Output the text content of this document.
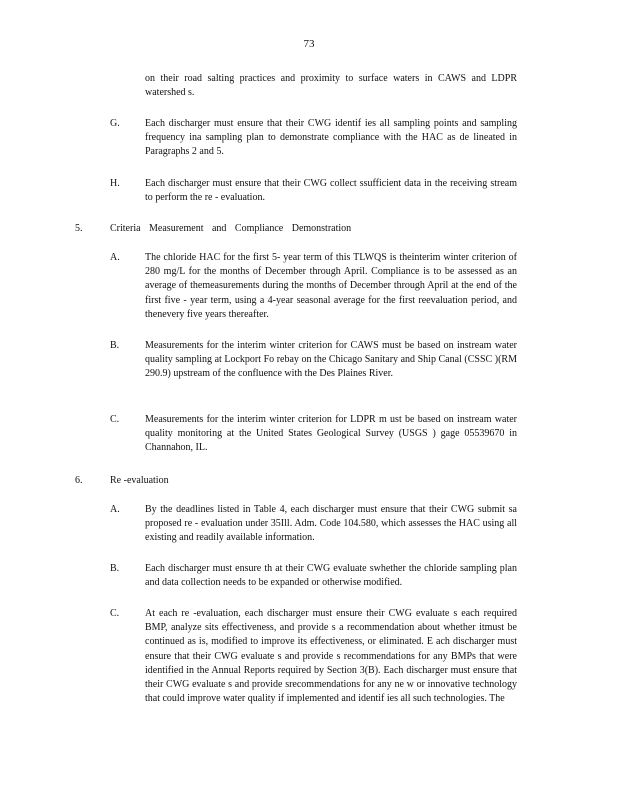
73
on their road salting practices and proximity to surface waters in CAWS and LDPR watershed s.
G.	Each discharger must ensure that their CWG identif ies all sampling points and sampling frequency ina sampling plan to demonstrate compliance with the HAC as de lineated in Paragraphs 2 and 5.
H.	Each discharger must ensure that their CWG collect ssufficient data in the receiving stream to perform the re - evaluation.
5.	Criteria Measurement and Compliance Demonstration
A.	The chloride HAC for the first 5- year term of this TLWQS is theinterim winter criterion of 280 mg/L for the months of December through April. Compliance is to be assessed as an average of themeasurements during the months of December through April at the end of the first five - year term, using a 4-year seasonal average for the first reevaluation period, and thenevery five years thereafter.
B.	Measurements for the interim winter criterion for CAWS must be based on instream water quality sampling at Lockport Fo rebay on the Chicago Sanitary and Ship Canal (CSSC )(RM 290.9) upstream of the confluence with the Des Plaines River.
C.	Measurements for the interim winter criterion for LDPR m ust be based on instream water quality monitoring at the United States Geological Survey (USGS ) gage 05539670 in Channahon, IL.
6.	Re -evaluation
A.	By the deadlines listed in Table 4, each discharger must ensure that their CWG submit sa proposed re - evaluation under 35Ill. Adm. Code 104.580, which assesses the HAC using all existing and readily available information.
B.	Each discharger must ensure th at their CWG evaluate swhether the chloride sampling plan and data collection needs to be expanded or otherwise modified.
C.	At each re -evaluation, each discharger must ensure their CWG evaluate s each required BMP, analyze sits effectiveness, and provide s a recommendation about whether itmust be continued as is, modified to improve its effectiveness, or eliminated. E ach discharger must ensure that their CWG evaluate s and provide s recommendations for any BMPs that were identified in the Annual Reports required by Section 3(B). Each discharger must ensure that their CWG evaluate s and provide srecommendations for any ne w or innovative technology that could improve water quality if implemented and identif ies all such technologies. The
